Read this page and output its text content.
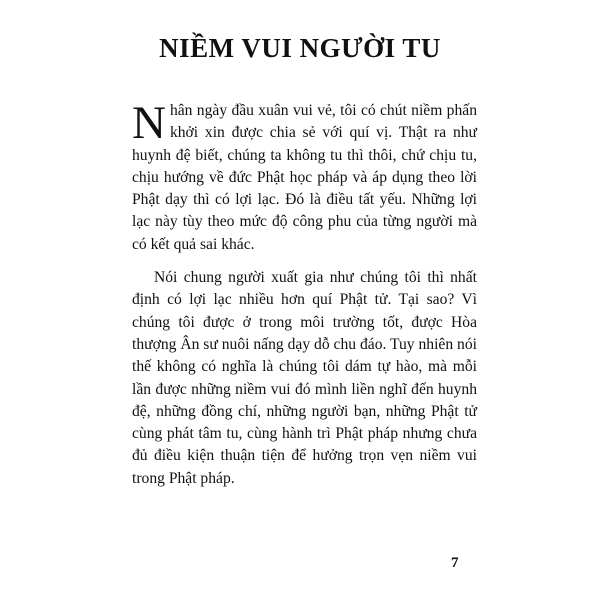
NIỀM VUI NGƯỜI TU

Nhân ngày đầu xuân vui vẻ, tôi có chút niềm phấn khởi xin được chia sẻ với quí vị. Thật ra như huynh đệ biết, chúng ta không tu thì thôi, chứ chịu tu, chịu hướng về đức Phật học pháp và áp dụng theo lời Phật dạy thì có lợi lạc. Đó là điều tất yếu. Những lợi lạc này tùy theo mức độ công phu của từng người mà có kết quả sai khác.

Nói chung người xuất gia như chúng tôi thì nhất định có lợi lạc nhiều hơn quí Phật tử. Tại sao? Vì chúng tôi được ở trong môi trường tốt, được Hòa thượng Ân sư nuôi nấng dạy dỗ chu đáo. Tuy nhiên nói thế không có nghĩa là chúng tôi dám tự hào, mà mỗi lần được những niềm vui đó mình liền nghĩ đến huynh đệ, những đồng chí, những người bạn, những Phật tử cùng phát tâm tu, cùng hành trì Phật pháp nhưng chưa đủ điều kiện thuận tiện để hưởng trọn vẹn niềm vui trong Phật pháp.

7
